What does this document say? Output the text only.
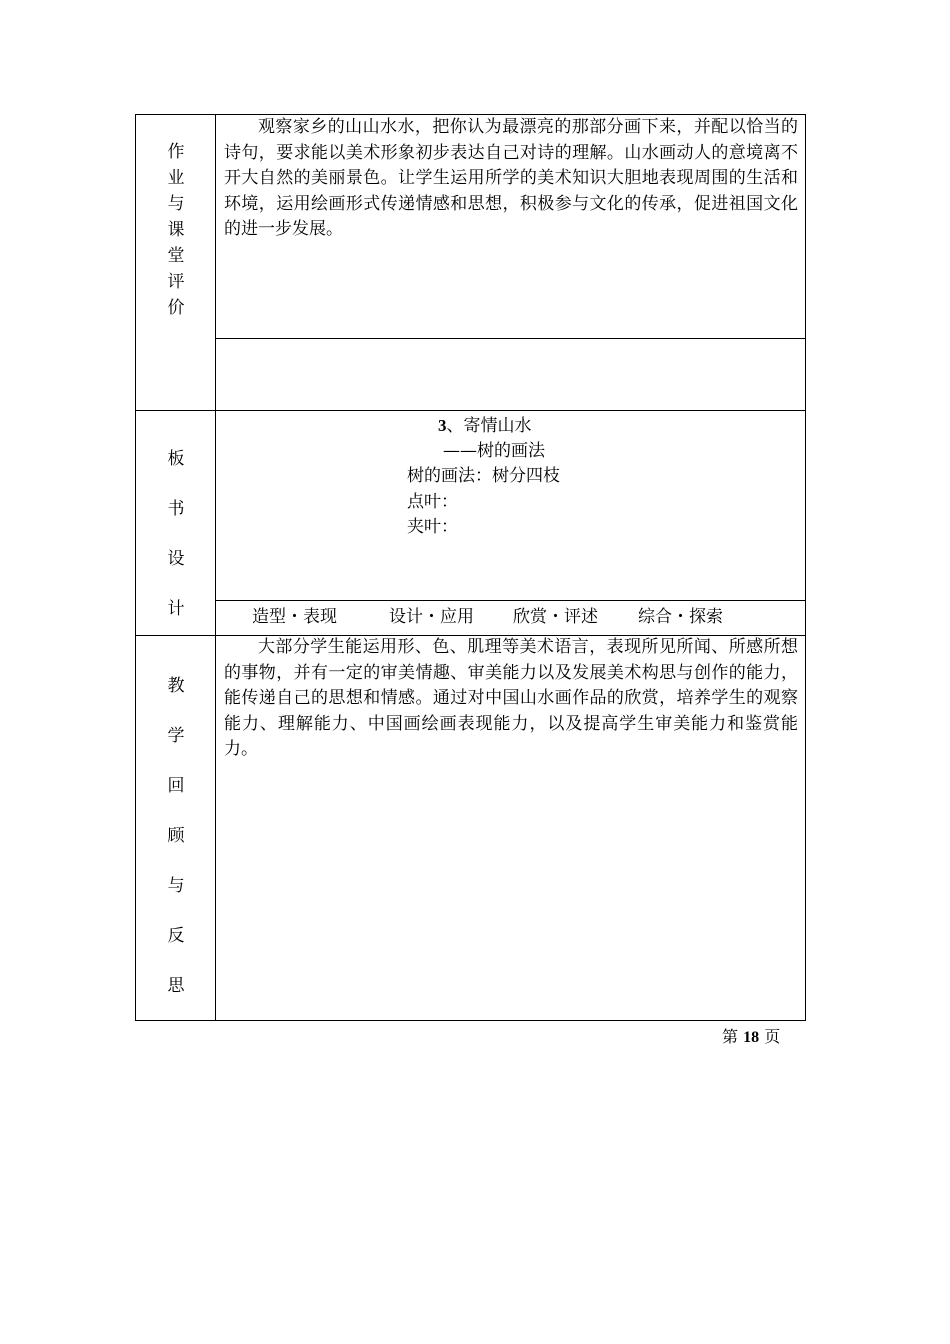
作
业
与
课
堂
评
价

观察家乡的山山水水，把你认为最漂亮的那部分画下来，并配以恰当的诗句，要求能以美术形象初步表达自己对诗的理解。山水画动人的意境离不开大自然的美丽景色。让学生运用所学的美术知识大胆地表现周围的生活和环境，运用绘画形式传递情感和思想，积极参与文化的传承，促进祖国文化的进一步发展。

板
书
设
计
3、寄情山水
——树的画法
树的画法：树分四枝
点叶：
夹叶：
造型・表现	设计・应用 欣赏・评述 综合・探索
教
学
回
顾
与
反
思

大部分学生能运用形、色、肌理等美术语言，表现所见所闻、所感所想的事物，并有一定的审美情趣、审美能力以及发展美术构思与创作的能力，能传递自己的思想和情感。通过对中国山水画作品的欣赏，培养学生的观察能力、理解能力、中国画绘画表现能力，以及提高学生审美能力和鉴赏能力。

第 18 页
